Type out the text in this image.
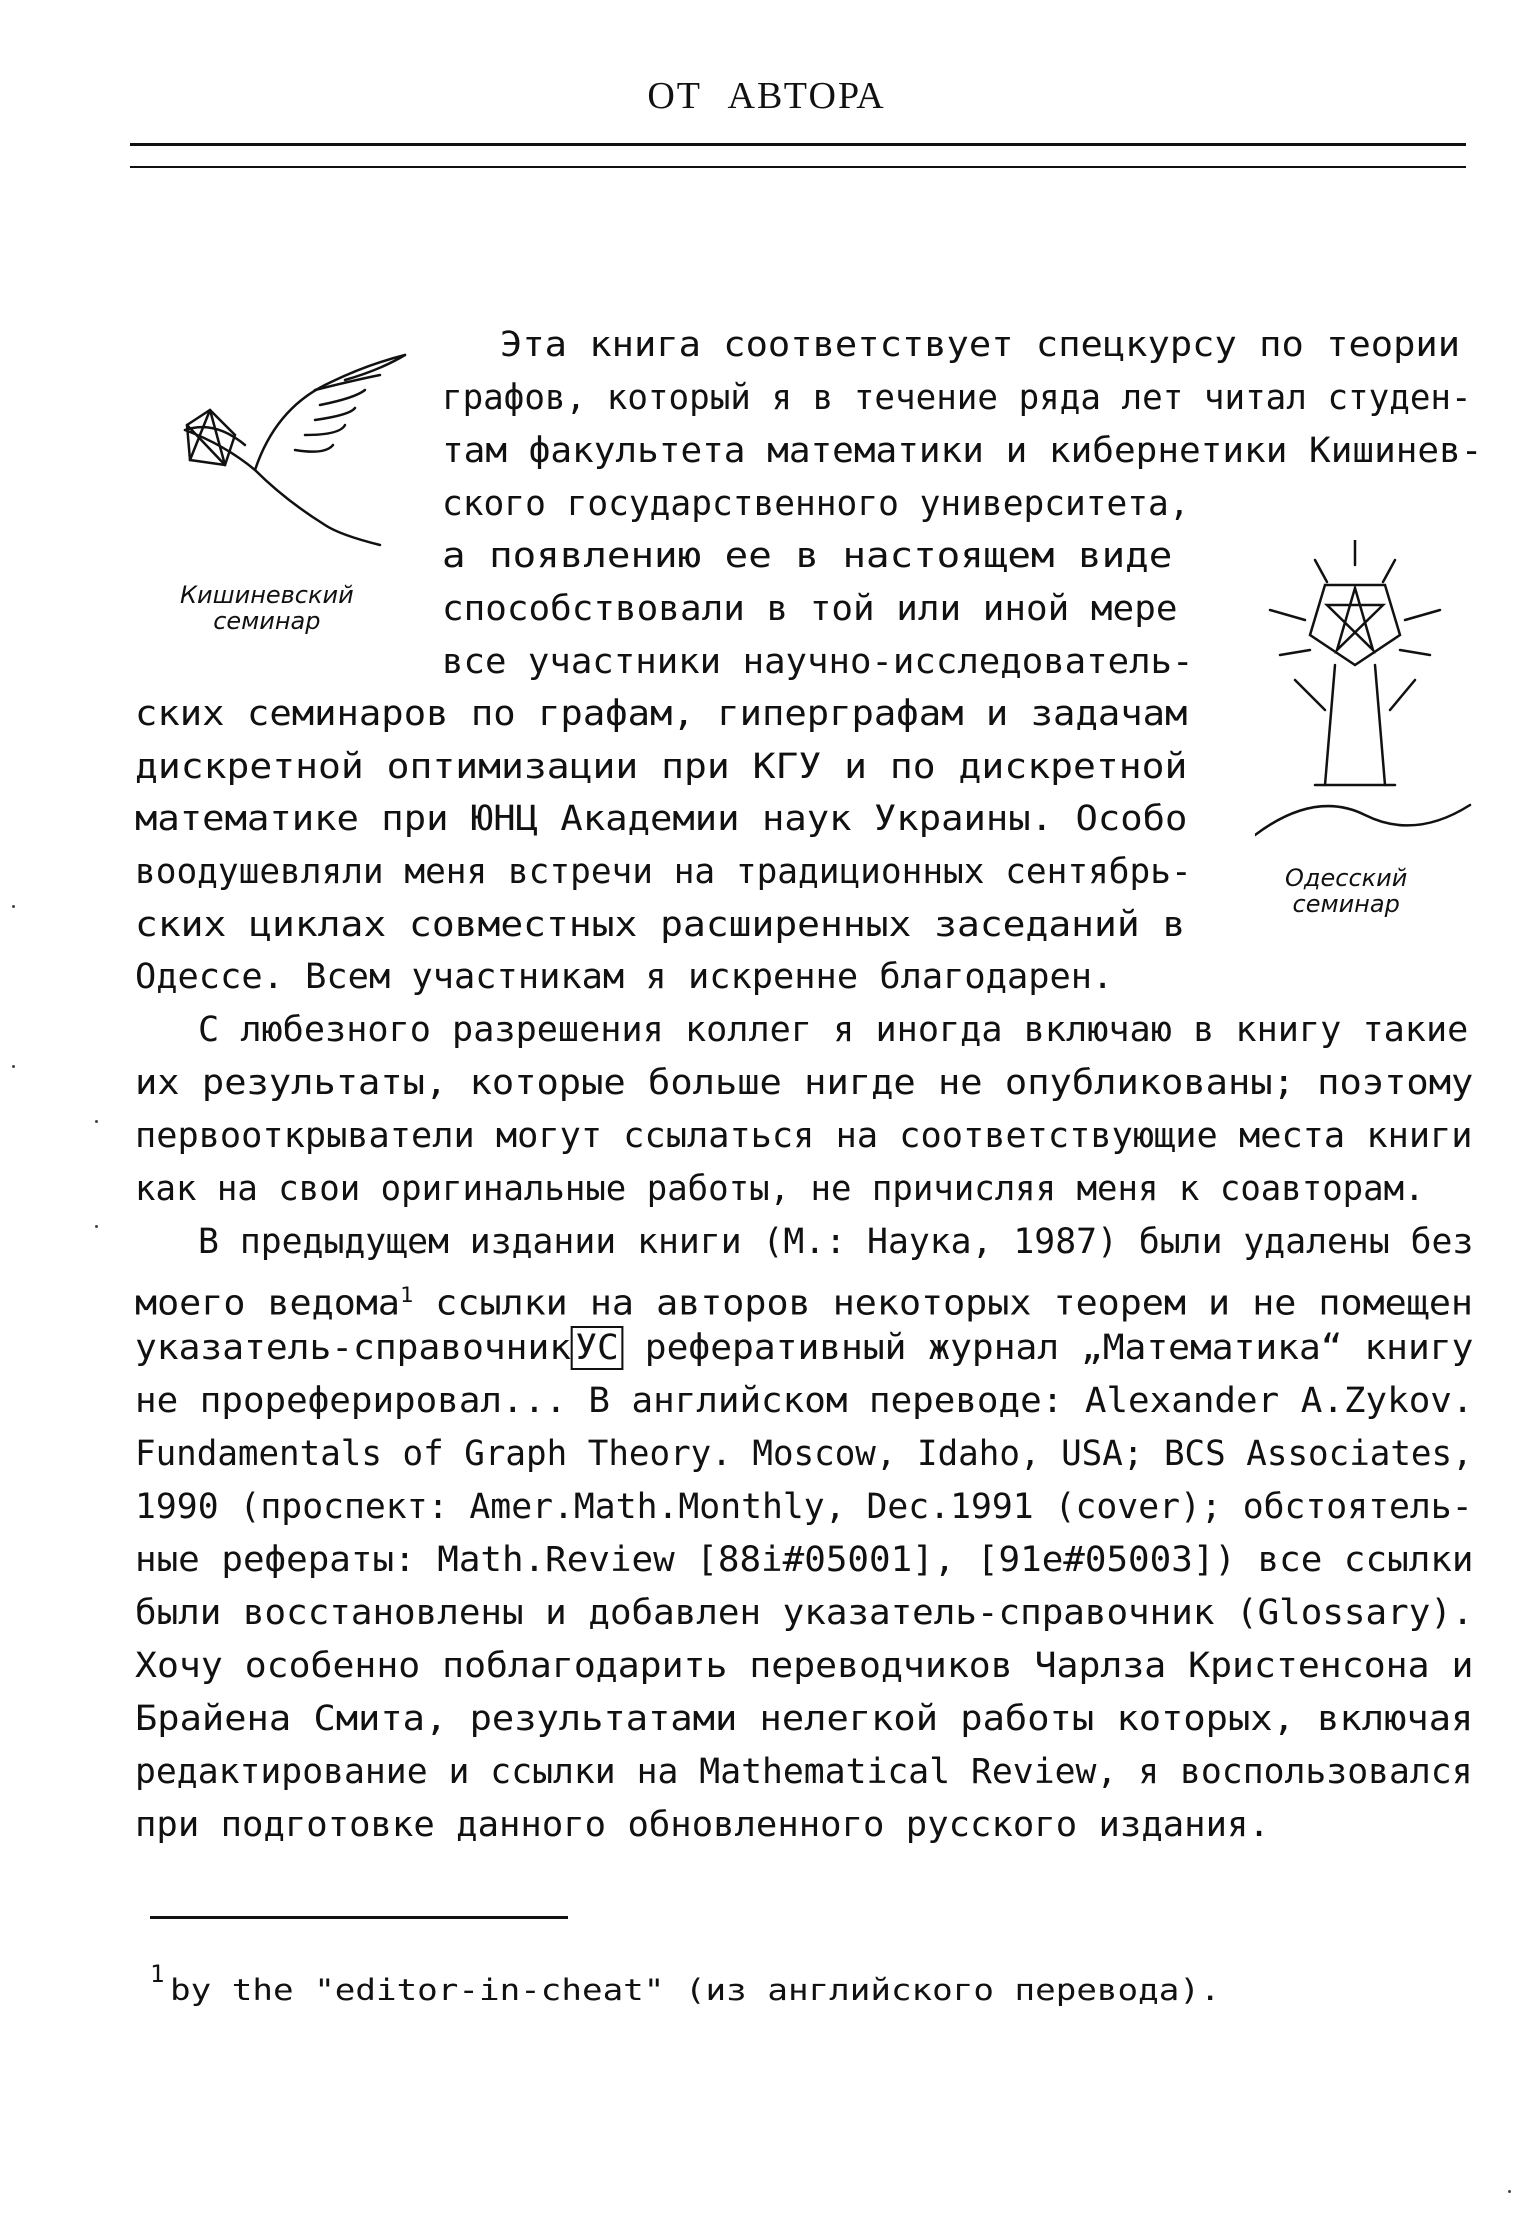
ОТ АВТОРА
Кишиневский
семинар
Одесский
семинар
Эта книга соответствует спецкурсу по теории
графов, который я в течение ряда лет читал студен-
там факультета математики и кибернетики Кишинев-
ского государственного университета,
а появлению ее в настоящем виде
способствовали в той или иной мере
все участники научно-исследователь-
ских семинаров по графам, гиперграфам и задачам
дискретной оптимизации при КГУ и по дискретной
математике при ЮНЦ Академии наук Украины. Особо
воодушевляли меня встречи на традиционных сентябрь-
ских циклах совместных расширенных заседаний в
Одессе. Всем участникам я искренне благодарен.
С любезного разрешения коллег я иногда включаю в книгу такие
их результаты, которые больше нигде не опубликованы; поэтому
первооткрыватели могут ссылаться на соответствующие места книги
как на свои оригинальные работы, не причисляя меня к соавторам.
В предыдущем издании книги (М.: Наука, 1987) были удалены без
моего ведома$^1$ ссылки на авторов некоторых теорем и не помещен
указатель-справочник УС реферативный журнал „Математика“ книгу
не прореферировал... В английском переводе: Alexander A.Zykov.
Fundamentals of Graph Theory. Moscow, Idaho, USA; BCS Associates,
1990 (проспект: Amer.Math.Monthly, Dec.1991 (cover); обстоятель-
ные рефераты: Math.Review [88i#05001], [91e#05003]) все ссылки
были восстановлены и добавлен указатель-справочник (Glossary).
Хочу особенно поблагодарить переводчиков Чарлза Кристенсона и
Брайена Смита, результатами нелегкой работы которых, включая
редактирование и ссылки на Mathematical Review, я воспользовался
при подготовке данного обновленного русского издания.
1 by the "editor-in-cheat" (из английского перевода).
